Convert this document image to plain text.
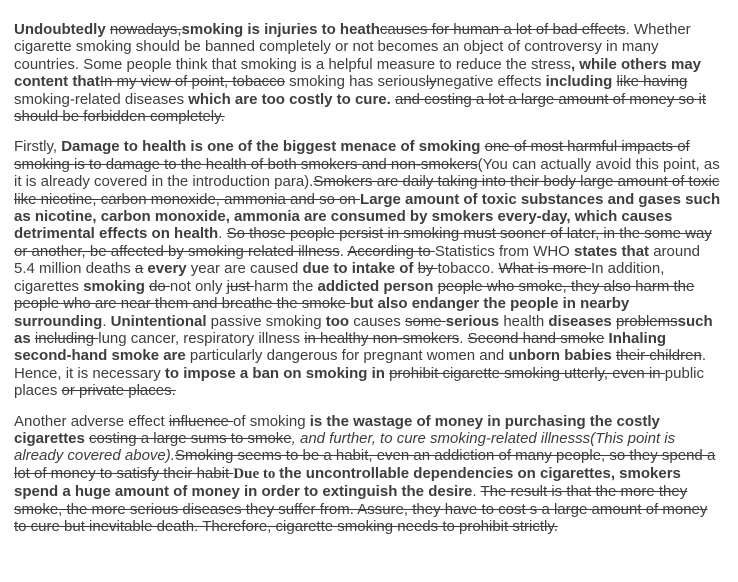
Undoubtedly nowadays,smoking is injuries to heathcauses for human a lot of bad effects. Whether cigarette smoking should be banned completely or not becomes an object of controversy in many countries. Some people think that smoking is a helpful measure to reduce the stress, while others may content thatIn my view of point, tobacco smoking has seriouslynegative effects including like having smoking-related diseases which are too costly to cure. and costing a lot a large amount of money so it should be forbidden completely.

Firstly, Damage to health is one of the biggest menace of smoking one of most harmful impacts of smoking is to damage to the health of both smokers and non-smokers(You can actually avoid this point, as it is already covered in the introduction para).Smokers are daily taking into their body large amount of toxic like nicotine, carbon monoxide, ammonia and so on Large amount of toxic substances and gases such as nicotine, carbon monoxide, ammonia are consumed by smokers every-day, which causes detrimental effects on health. So those people persist in smoking must sooner of later, in the some way or another, be affected by smoking related illness. According to Statistics from WHO states that around 5.4 million deaths a every year are caused due to intake of by tobacco. What is more In addition, cigarettes smoking do not only just harm the addicted person people who smoke, they also harm the people who are near them and breathe the smoke but also endanger the people in nearby surrounding. Unintentional passive smoking too causes some serious health diseases problemssuch as including lung cancer, respiratory illness in healthy non-smokers. Second hand smoke Inhaling second-hand smoke are particularly dangerous for pregnant women and unborn babies their children. Hence, it is necessary to impose a ban on smoking in prohibit cigarette smoking utterly, even in public places or private places.

Another adverse effect influence of smoking is the wastage of money in purchasing the costly cigarettes costing a large sums to smoke, and further, to cure smoking-related illnesss(This point is already covered above).Smoking seems to be a habit, even an addiction of many people, so they spend a lot of money to satisfy their habit Due to the uncontrollable dependencies on cigarettes, smokers spend a huge amount of money in order to extinguish the desire. The result is that the more they smoke, the more serious diseases they suffer from. Assure, they have to cost s a large amount of money to cure but inevitable death. Therefore, cigarette smoking needs to prohibit strictly.
